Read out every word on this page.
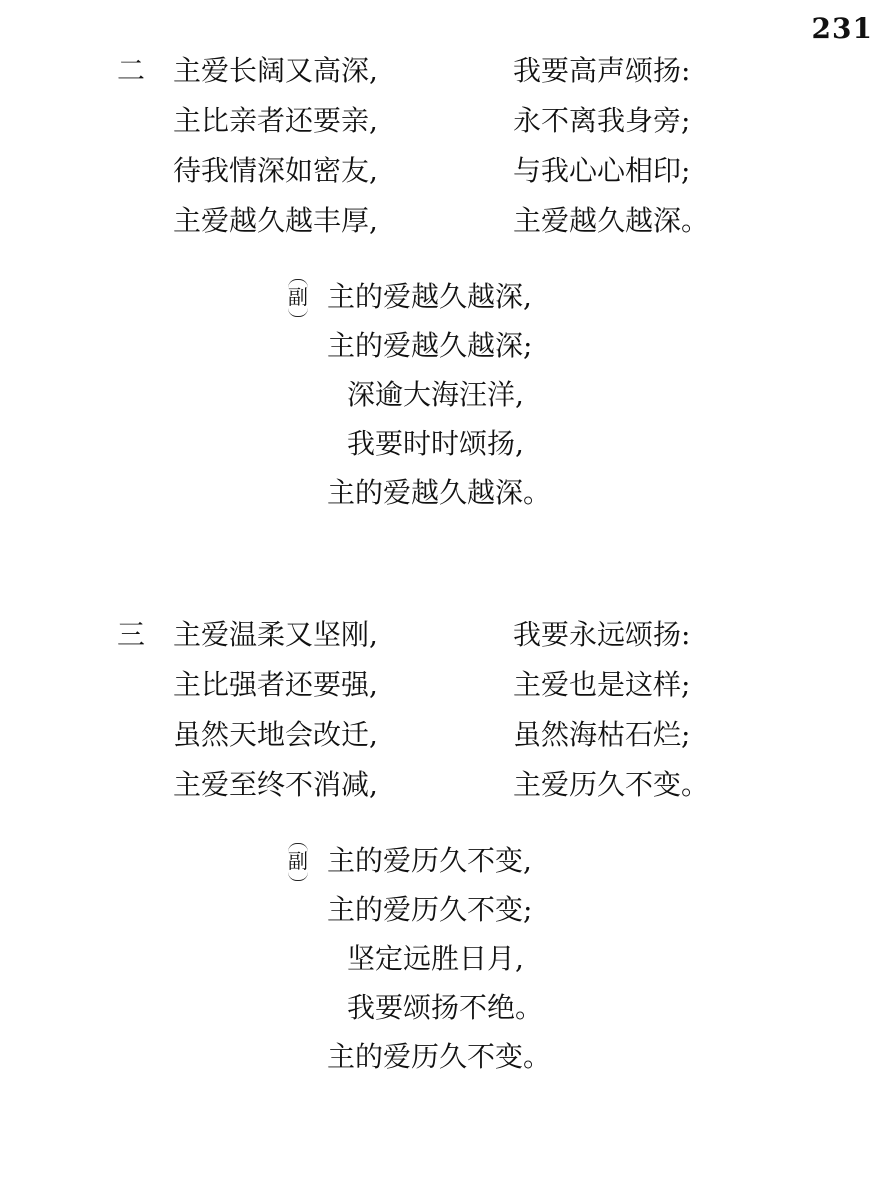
231
二 主爱长阔又高深,	我要高声颂扬:
主比亲者还要亲,	永不离我身旁;
待我情深如密友,	与我心心相印;
主爱越久越丰厚,	主爱越久越深。
副 主的爱越久越深,
主的爱越久越深;
深逾大海汪洋,
我要时时颂扬,
主的爱越久越深。
三 主爱温柔又坚刚,	我要永远颂扬:
主比强者还要强,	主爱也是这样;
虽然天地会改迁,	虽然海枯石烂;
主爱至终不消减,	主爱历久不变。
副 主的爱历久不变,
主的爱历久不变;
坚定远胜日月,
我要颂扬不绝。
主的爱历久不变。
